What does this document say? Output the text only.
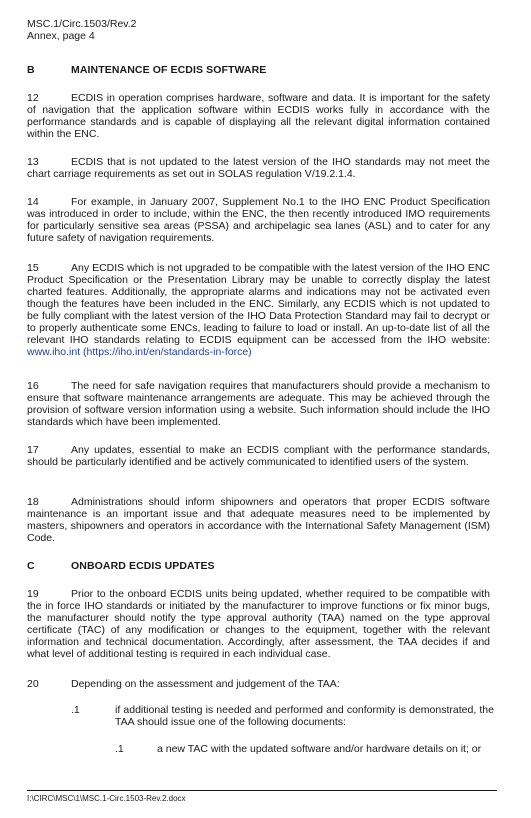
MSC.1/Circ.1503/Rev.2
Annex, page 4
B	MAINTENANCE OF ECDIS SOFTWARE
12	ECDIS in operation comprises hardware, software and data. It is important for the safety of navigation that the application software within ECDIS works fully in accordance with the performance standards and is capable of displaying all the relevant digital information contained within the ENC.
13	ECDIS that is not updated to the latest version of the IHO standards may not meet the chart carriage requirements as set out in SOLAS regulation V/19.2.1.4.
14	For example, in January 2007, Supplement No.1 to the IHO ENC Product Specification was introduced in order to include, within the ENC, the then recently introduced IMO requirements for particularly sensitive sea areas (PSSA) and archipelagic sea lanes (ASL) and to cater for any future safety of navigation requirements.
15	Any ECDIS which is not upgraded to be compatible with the latest version of the IHO ENC Product Specification or the Presentation Library may be unable to correctly display the latest charted features. Additionally, the appropriate alarms and indications may not be activated even though the features have been included in the ENC. Similarly, any ECDIS which is not updated to be fully compliant with the latest version of the IHO Data Protection Standard may fail to decrypt or to properly authenticate some ENCs, leading to failure to load or install. An up-to-date list of all the relevant IHO standards relating to ECDIS equipment can be accessed from the IHO website: www.iho.int (https://iho.int/en/standards-in-force)
16	The need for safe navigation requires that manufacturers should provide a mechanism to ensure that software maintenance arrangements are adequate. This may be achieved through the provision of software version information using a website. Such information should include the IHO standards which have been implemented.
17	Any updates, essential to make an ECDIS compliant with the performance standards, should be particularly identified and be actively communicated to identified users of the system.
18	Administrations should inform shipowners and operators that proper ECDIS software maintenance is an important issue and that adequate measures need to be implemented by masters, shipowners and operators in accordance with the International Safety Management (ISM) Code.
C	ONBOARD ECDIS UPDATES
19	Prior to the onboard ECDIS units being updated, whether required to be compatible with the in force IHO standards or initiated by the manufacturer to improve functions or fix minor bugs, the manufacturer should notify the type approval authority (TAA) named on the type approval certificate (TAC) of any modification or changes to the equipment, together with the relevant information and technical documentation. Accordingly, after assessment, the TAA decides if and what level of additional testing is required in each individual case.
20	Depending on the assessment and judgement of the TAA:
.1	if additional testing is needed and performed and conformity is demonstrated, the TAA should issue one of the following documents:
.1	a new TAC with the updated software and/or hardware details on it; or
I:\CIRC\MSC\1\MSC.1-Circ.1503-Rev.2.docx
